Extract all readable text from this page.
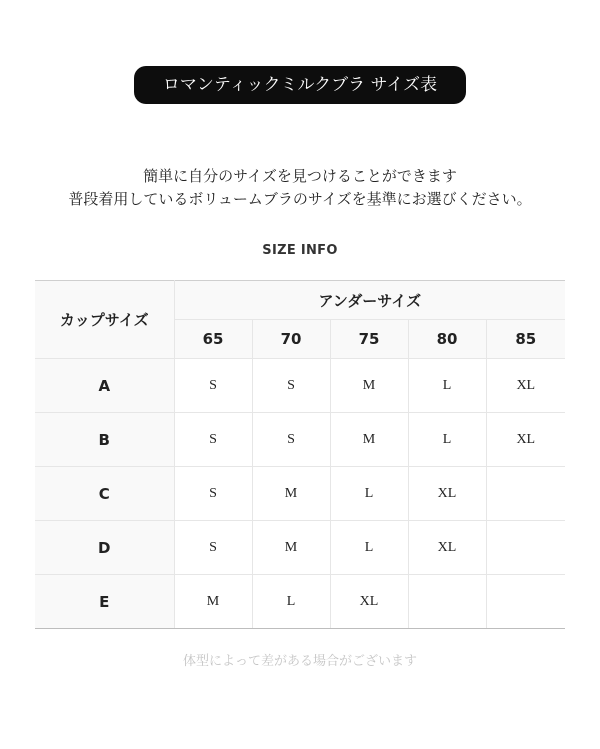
ロマンティックミルクブラ サイズ表
簡単に自分のサイズを見つけることができます
普段着用しているボリュームブラのサイズを基準にお選びください。
SIZE INFO
カップサイズ	アンダーサイズ				
	65	70	75	80	85
A	S	S	M	L	XL
B	S	S	M	L	XL
C	S	M	L	XL	
D	S	M	L	XL	
E	M	L	XL		
体型によって差がある場合がございます
